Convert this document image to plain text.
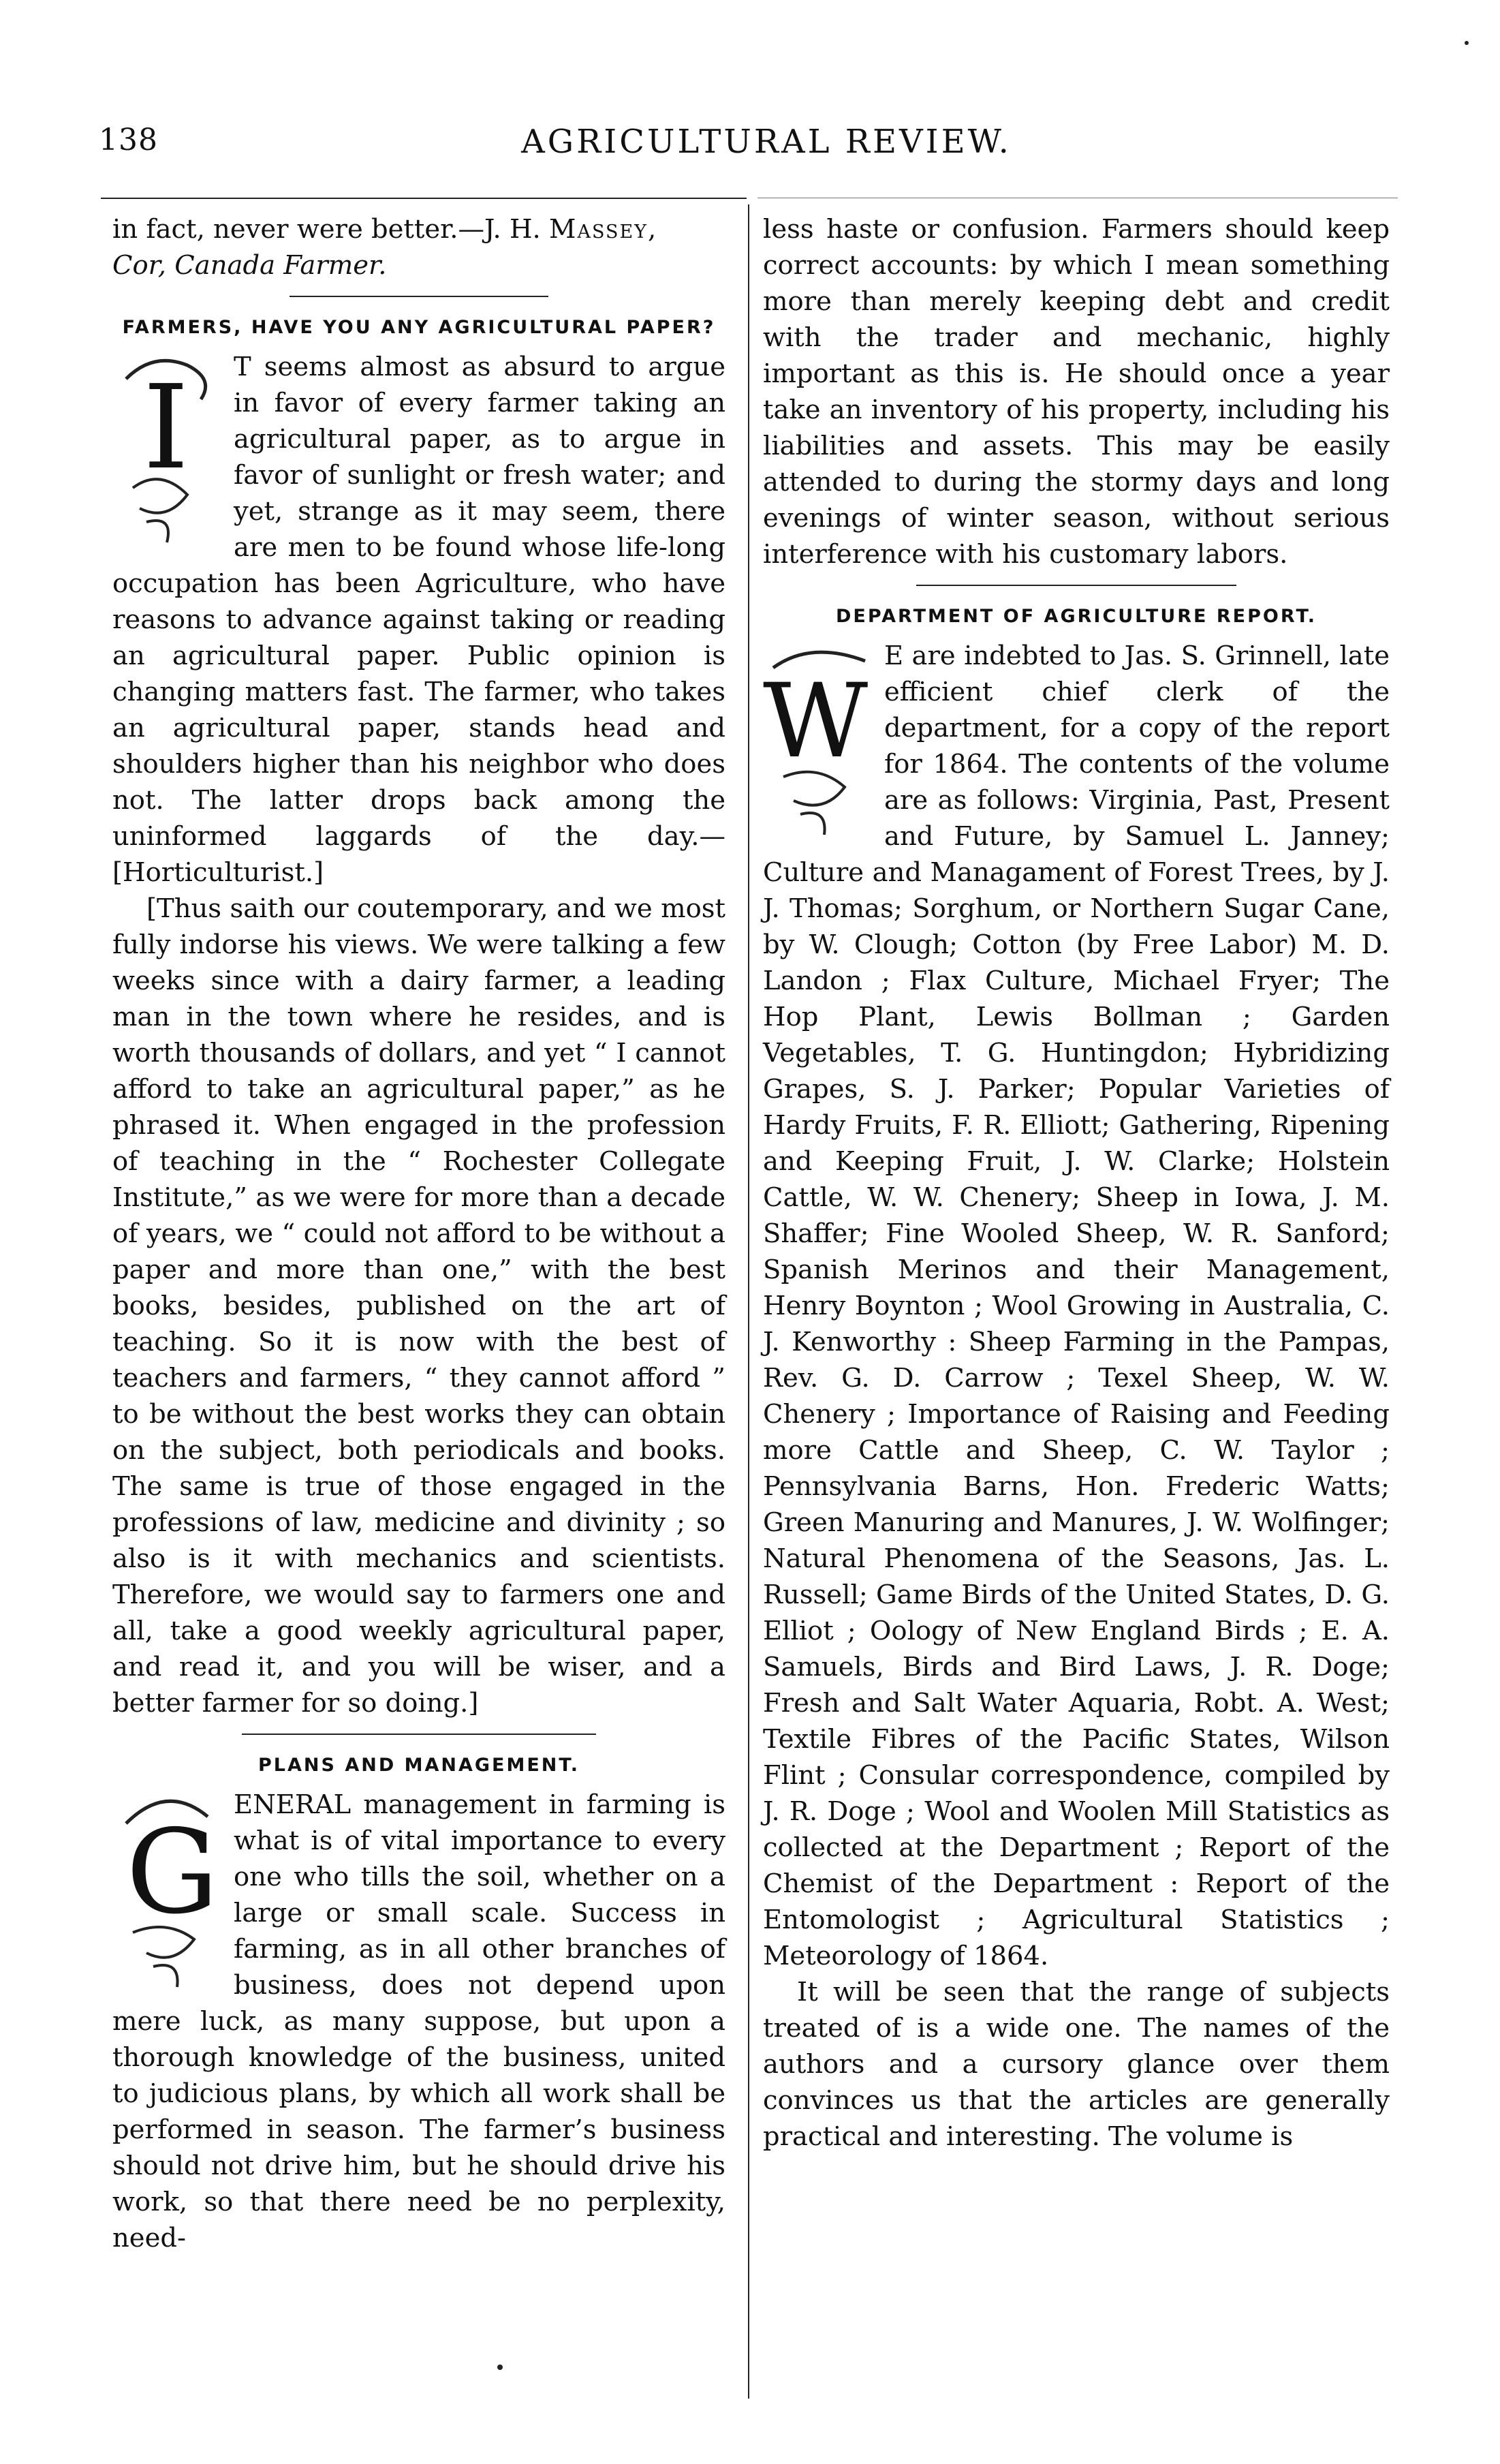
138	AGRICULTURAL REVIEW.

in fact, never were better.—J. H. Massey,
Cor, Canada Farmer.

FARMERS, HAVE YOU ANY AGRICULTURAL PAPER?

I T seems almost as absurd to argue in favor of every farmer taking an agricultural paper, as to argue in favor of sunlight or fresh water; and yet, strange as it may seem, there are men to be found whose life-long occupation has been Agriculture, who have reasons to advance against taking or reading an agricultural paper. Public opinion is changing matters fast. The farmer, who takes an agricultural paper, stands head and shoulders higher than his neighbor who does not. The latter drops back among the uninformed laggards of the day.—[Horticulturist.]

[Thus saith our coutemporary, and we most fully indorse his views. We were talking a few weeks since with a dairy farmer, a leading man in the town where he resides, and is worth thousands of dollars, and yet “ I cannot afford to take an agricultural paper,” as he phrased it. When engaged in the profession of teaching in the “ Rochester Collegate Institute,” as we were for more than a decade of years, we “ could not afford to be without a paper and more than one,” with the best books, besides, published on the art of teaching. So it is now with the best of teachers and farmers, “ they cannot afford ” to be without the best works they can obtain on the subject, both periodicals and books. The same is true of those engaged in the professions of law, medicine and divinity ; so also is it with mechanics and scientists. Therefore, we would say to farmers one and all, take a good weekly agricultural paper, and read it, and you will be wiser, and a better farmer for so doing.]

PLANS AND MANAGEMENT.

G
ENERAL management in farming is what is of vital importance to every one who tills the soil, whether on a large or small scale. Success in farming, as in all other branches of business, does not depend upon mere luck, as many suppose, but upon a thorough knowledge of the business, united to judicious plans, by which all work shall be performed in season. The farmer’s business should not drive him, but he should drive his work, so that there need be no perplexity, need-

less haste or confusion. Farmers should keep correct accounts: by which I mean something more than merely keeping debt and credit with the trader and mechanic, highly important as this is. He should once a year take an inventory of his property, including his liabilities and assets. This may be easily attended to during the stormy days and long evenings of winter season, without serious interference with his customary labors.

DEPARTMENT OF AGRICULTURE REPORT.

W
E are indebted to Jas. S. Grinnell, late efficient chief clerk of the department, for a copy of the report for 1864. The contents of the volume are as follows: Virginia, Past, Present and Future, by Samuel L. Janney; Culture and Managament of Forest Trees, by J. J. Thomas; Sorghum, or Northern Sugar Cane, by W. Clough; Cotton (by Free Labor) M. D. Landon ; Flax Culture, Michael Fryer; The Hop Plant, Lewis Bollman ; Garden Vegetables, T. G. Huntingdon; Hybridizing Grapes, S. J. Parker; Popular Varieties of Hardy Fruits, F. R. Elliott; Gathering, Ripening and Keeping Fruit, J. W. Clarke; Holstein Cattle, W. W. Chenery; Sheep in Iowa, J. M. Shaffer; Fine Wooled Sheep, W. R. Sanford; Spanish Merinos and their Management, Henry Boynton ; Wool Growing in Australia, C. J. Kenworthy : Sheep Farming in the Pampas, Rev. G. D. Carrow ; Texel Sheep, W. W. Chenery ; Importance of Raising and Feeding more Cattle and Sheep, C. W. Taylor ; Pennsylvania Barns, Hon. Frederic Watts; Green Manuring and Manures, J. W. Wolfinger; Natural Phenomena of the Seasons, Jas. L. Russell; Game Birds of the United States, D. G. Elliot ; Oology of New England Birds ; E. A. Samuels, Birds and Bird Laws, J. R. Doge; Fresh and Salt Water Aquaria, Robt. A. West; Textile Fibres of the Pacific States, Wilson Flint ; Consular correspondence, compiled by J. R. Doge ; Wool and Woolen Mill Statistics as collected at the Department ; Report of the Chemist of the Department : Report of the Entomologist ; Agricultural Statistics ; Meteorology of 1864.

It will be seen that the range of subjects treated of is a wide one. The names of the authors and a cursory glance over them convinces us that the articles are generally practical and interesting. The volume is
